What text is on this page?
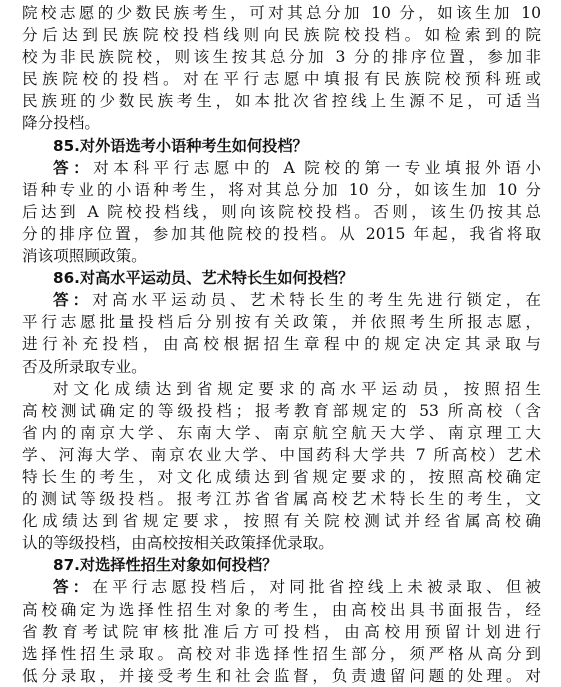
院校志愿的少数民族考生，可对其总分加 10 分，如该生加 10
分后达到民族院校投档线则向民族院校投档。如检索到的院
校为非民族院校，则该生按其总分加 3 分的排序位置，参加非
民族院校的投档。对在平行志愿中填报有民族院校预科班或
民族班的少数民族考生，如本批次省控线上生源不足，可适当
降分投档。
85.对外语选考小语种考生如何投档？
答：对本科平行志愿中的 A 院校的第一专业填报外语小
语种专业的小语种考生，将对其总分加 10 分，如该生加 10 分
后达到 A 院校投档线，则向该院校投档。否则，该生仍按其总
分的排序位置，参加其他院校的投档。从 2015 年起，我省将取
消该项照顾政策。
86.对高水平运动员、艺术特长生如何投档？
答：对高水平运动员、艺术特长生的考生先进行锁定，在
平行志愿批量投档后分别按有关政策，并依照考生所报志愿，
进行补充投档，由高校根据招生章程中的规定决定其录取与
否及所录取专业。
对文化成绩达到省规定要求的高水平运动员，按照招生
高校测试确定的等级投档；报考教育部规定的 53 所高校（含
省内的南京大学、东南大学、南京航空航天大学、南京理工大
学、河海大学、南京农业大学、中国药科大学共 7 所高校）艺术
特长生的考生，对文化成绩达到省规定要求的，按照高校确定
的测试等级投档。报考江苏省省属高校艺术特长生的考生，文
化成绩达到省规定要求，按照有关院校测试并经省属高校确
认的等级投档，由高校按相关政策择优录取。
87.对选择性招生对象如何投档？
答：在平行志愿投档后，对同批省控线上未被录取、但被
高校确定为选择性招生对象的考生，由高校出具书面报告，经
省教育考试院审核批准后方可投档，由高校用预留计划进行
选择性招生录取。高校对非选择性招生部分，须严格从高分到
低分录取，并接受考生和社会监督，负责遗留问题的处理。对
